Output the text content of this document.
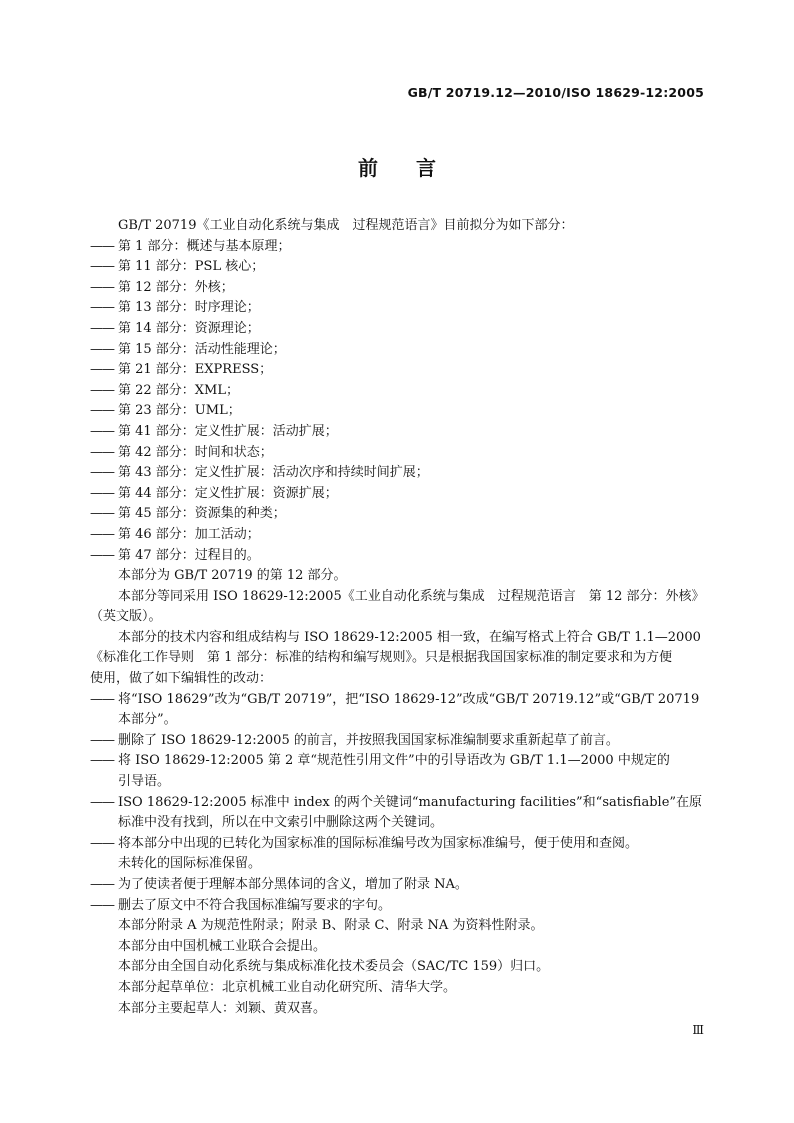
GB/T 20719.12—2010/ISO 18629-12:2005

前言

GB/T 20719《工业自动化系统与集成　过程规范语言》目前拟分为如下部分：

—— 第 1 部分：概述与基本原理；
—— 第 11 部分：PSL 核心；
—— 第 12 部分：外核；
—— 第 13 部分：时序理论；
—— 第 14 部分：资源理论；
—— 第 15 部分：活动性能理论；
—— 第 21 部分：EXPRESS；
—— 第 22 部分：XML；
—— 第 23 部分：UML；
—— 第 41 部分：定义性扩展：活动扩展；
—— 第 42 部分：时间和状态；
—— 第 43 部分：定义性扩展：活动次序和持续时间扩展；
—— 第 44 部分：定义性扩展：资源扩展；
—— 第 45 部分：资源集的种类；
—— 第 46 部分：加工活动；
—— 第 47 部分：过程目的。

本部分为 GB/T 20719 的第 12 部分。

本部分等同采用 ISO 18629-12:2005《工业自动化系统与集成　过程规范语言　第 12 部分：外核》

（英文版）。

本部分的技术内容和组成结构与 ISO 18629-12:2005 相一致，在编写格式上符合 GB/T 1.1—2000

《标准化工作导则　第 1 部分：标准的结构和编写规则》。只是根据我国国家标准的制定要求和为方便

使用，做了如下编辑性的改动：

—— 将“ISO 18629”改为“GB/T 20719”，把“ISO 18629-12”改成“GB/T 20719.12”或“GB/T 20719
本部分”。
—— 删除了 ISO 18629-12:2005 的前言，并按照我国国家标准编制要求重新起草了前言。
—— 将 ISO 18629-12:2005 第 2 章“规范性引用文件”中的引导语改为 GB/T 1.1—2000 中规定的
引导语。
—— ISO 18629-12:2005 标准中 index 的两个关键词“manufacturing facilities”和“satisfiable”在原
标准中没有找到，所以在中文索引中删除这两个关键词。
—— 将本部分中出现的已转化为国家标准的国际标准编号改为国家标准编号，便于使用和查阅。
未转化的国际标准保留。
—— 为了使读者便于理解本部分黑体词的含义，增加了附录 NA。
—— 删去了原文中不符合我国标准编写要求的字句。

本部分附录 A 为规范性附录；附录 B、附录 C、附录 NA 为资料性附录。

本部分由中国机械工业联合会提出。

本部分由全国自动化系统与集成标准化技术委员会（SAC/TC 159）归口。

本部分起草单位：北京机械工业自动化研究所、清华大学。

本部分主要起草人：刘颖、黄双喜。

Ⅲ
